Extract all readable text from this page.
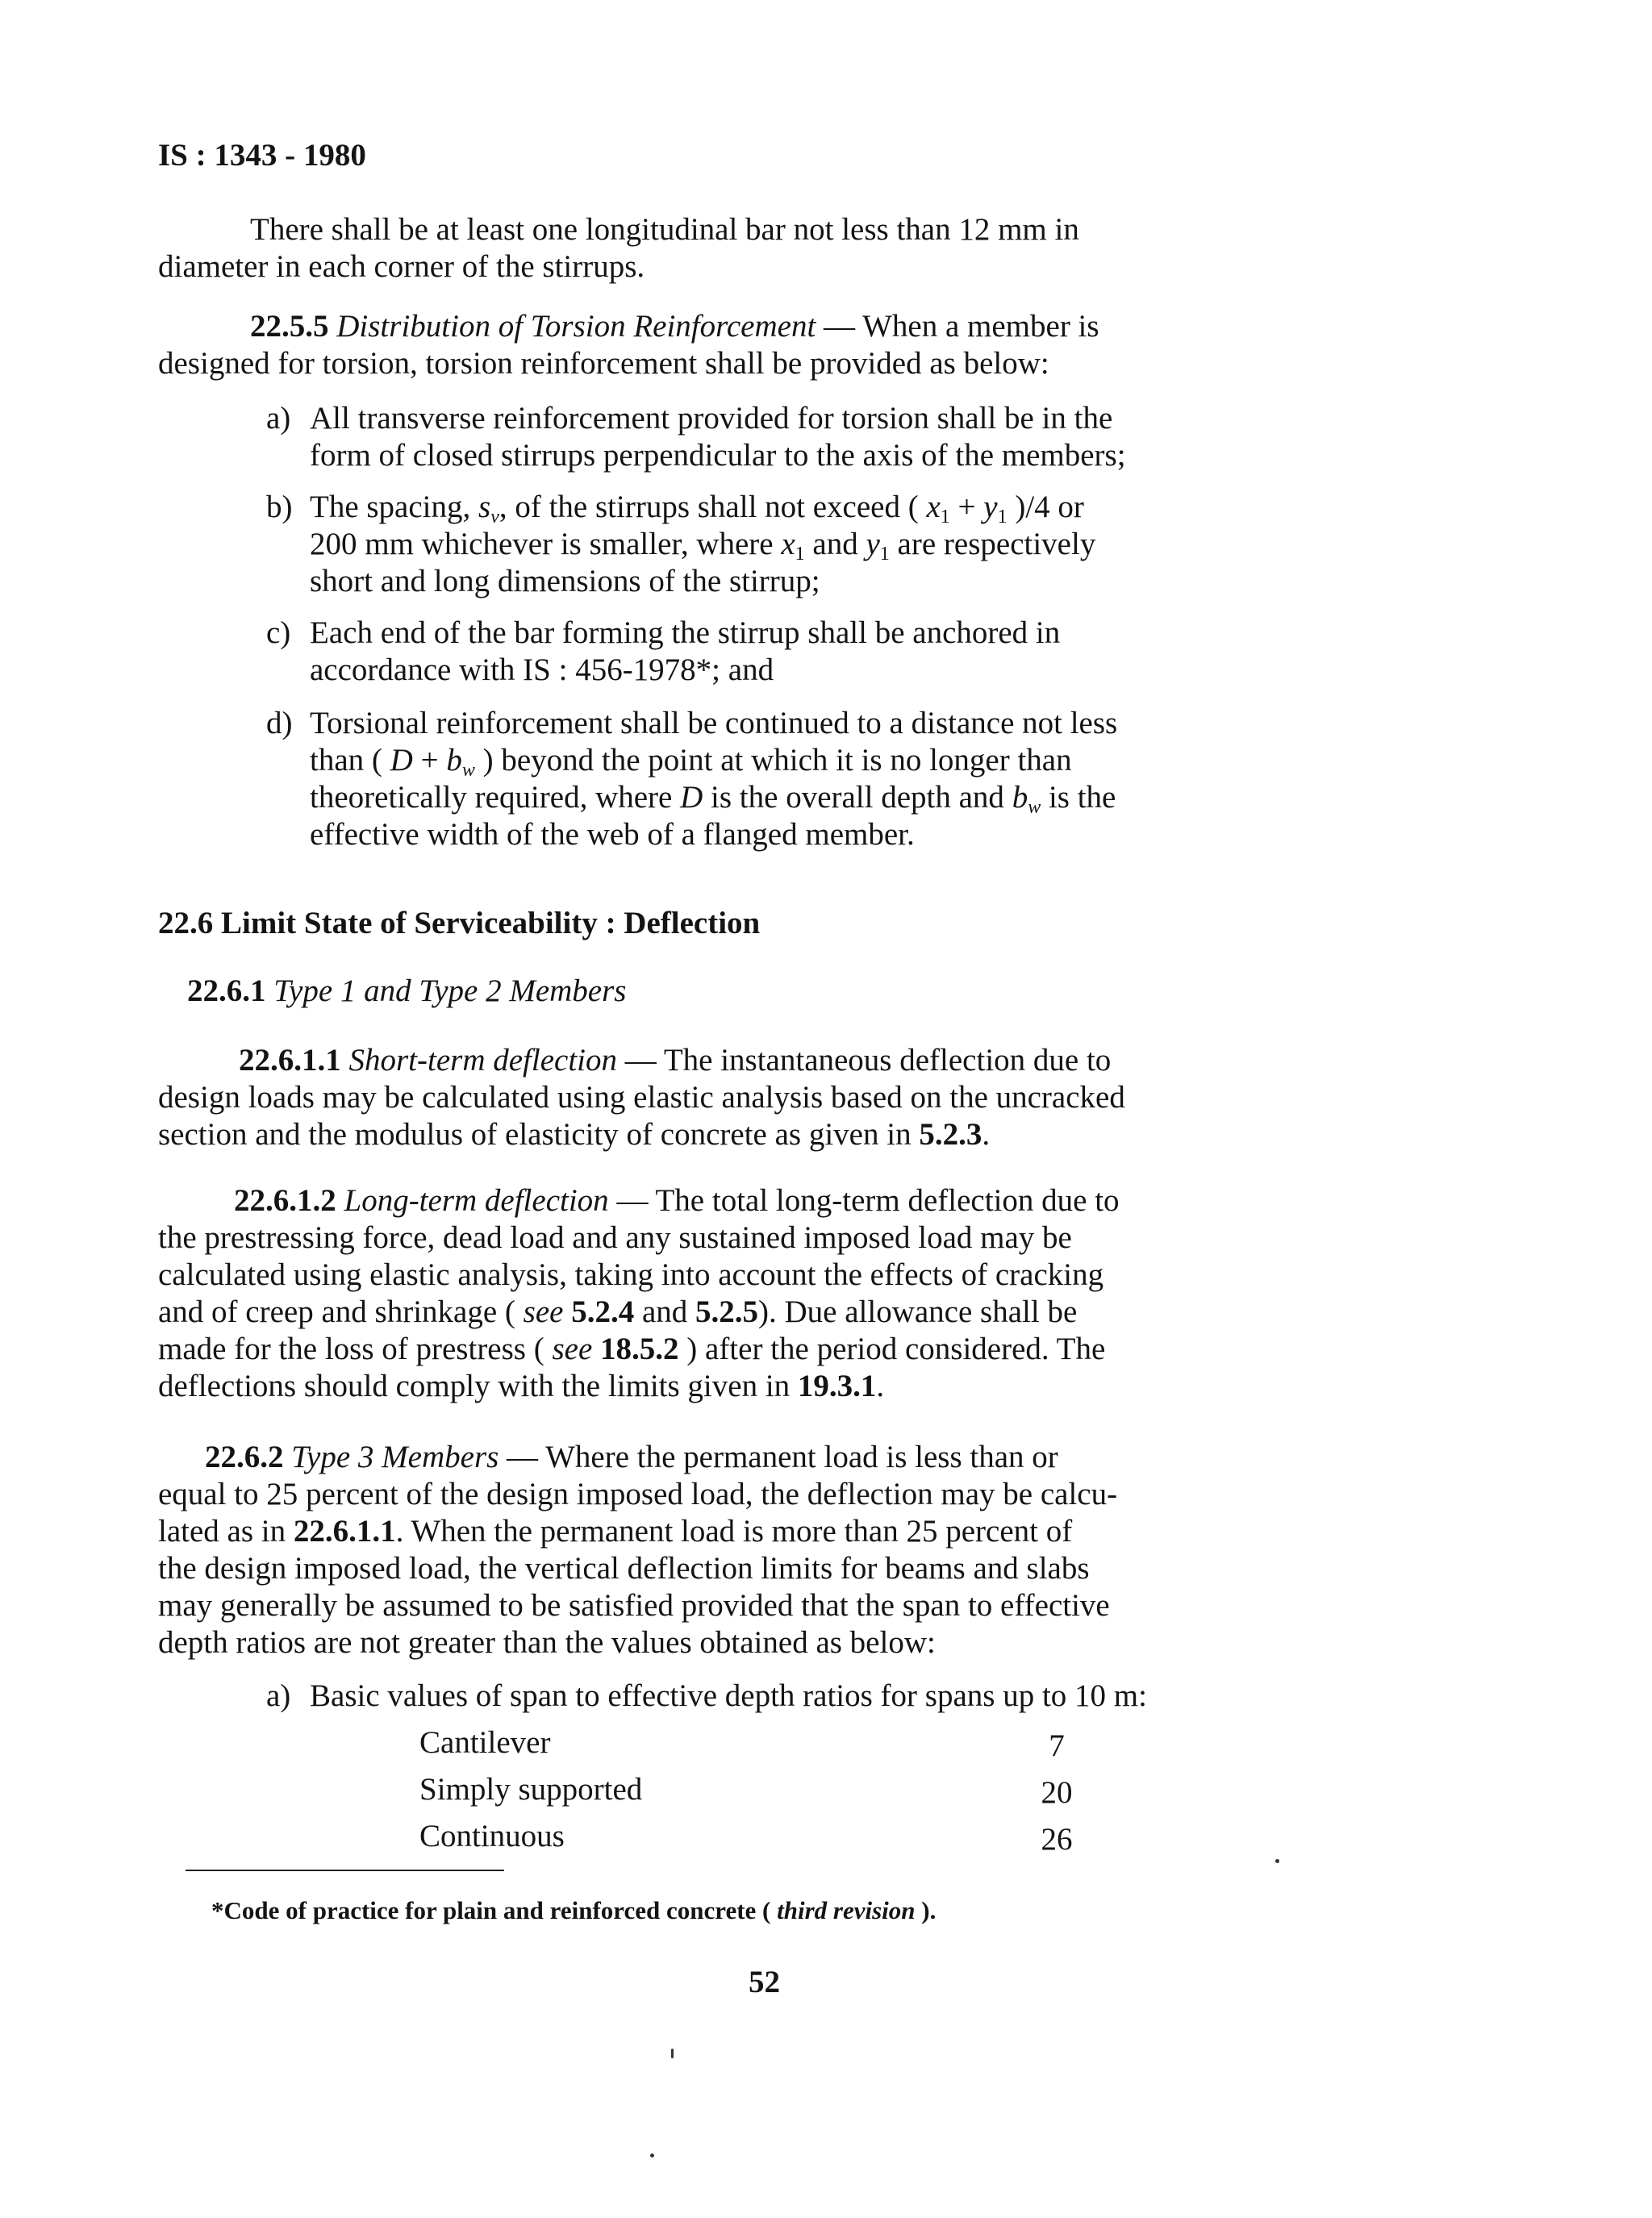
IS : 1343 - 1980
There shall be at least one longitudinal bar not less than 12 mm in
diameter in each corner of the stirrups.
22.5.5 Distribution of Torsion Reinforcement — When a member is
designed for torsion, torsion reinforcement shall be provided as below:
a) All transverse reinforcement provided for torsion shall be in the
form of closed stirrups perpendicular to the axis of the members;
b) The spacing, $s_v$, of the stirrups shall not exceed ( $x_1 + y_1$ )/4 or
200 mm whichever is smaller, where $x_1$ and $y_1$ are respectively
short and long dimensions of the stirrup;
c) Each end of the bar forming the stirrup shall be anchored in
accordance with IS : 456-1978*; and
d) Torsional reinforcement shall be continued to a distance not less
than ( $D + b_w$ ) beyond the point at which it is no longer than
theoretically required, where D is the overall depth and $b_w$ is the
effective width of the web of a flanged member.
22.6 Limit State of Serviceability : Deflection
22.6.1 Type 1 and Type 2 Members
22.6.1.1 Short-term deflection — The instantaneous deflection due to
design loads may be calculated using elastic analysis based on the uncracked
section and the modulus of elasticity of concrete as given in 5.2.3.
22.6.1.2 Long-term deflection — The total long-term deflection due to
the prestressing force, dead load and any sustained imposed load may be
calculated using elastic analysis, taking into account the effects of cracking
and of creep and shrinkage ( see 5.2.4 and 5.2.5). Due allowance shall be
made for the loss of prestress ( see 18.5.2 ) after the period considered. The
deflections should comply with the limits given in 19.3.1.
22.6.2 Type 3 Members — Where the permanent load is less than or
equal to 25 percent of the design imposed load, the deflection may be calcu-
lated as in 22.6.1.1. When the permanent load is more than 25 percent of
the design imposed load, the vertical deflection limits for beams and slabs
may generally be assumed to be satisfied provided that the span to effective
depth ratios are not greater than the values obtained as below:
a) Basic values of span to effective depth ratios for spans up to 10 m:
Cantilever	7
Simply supported	20
Continuous	26
*Code of practice for plain and reinforced concrete ( third revision ).
52
